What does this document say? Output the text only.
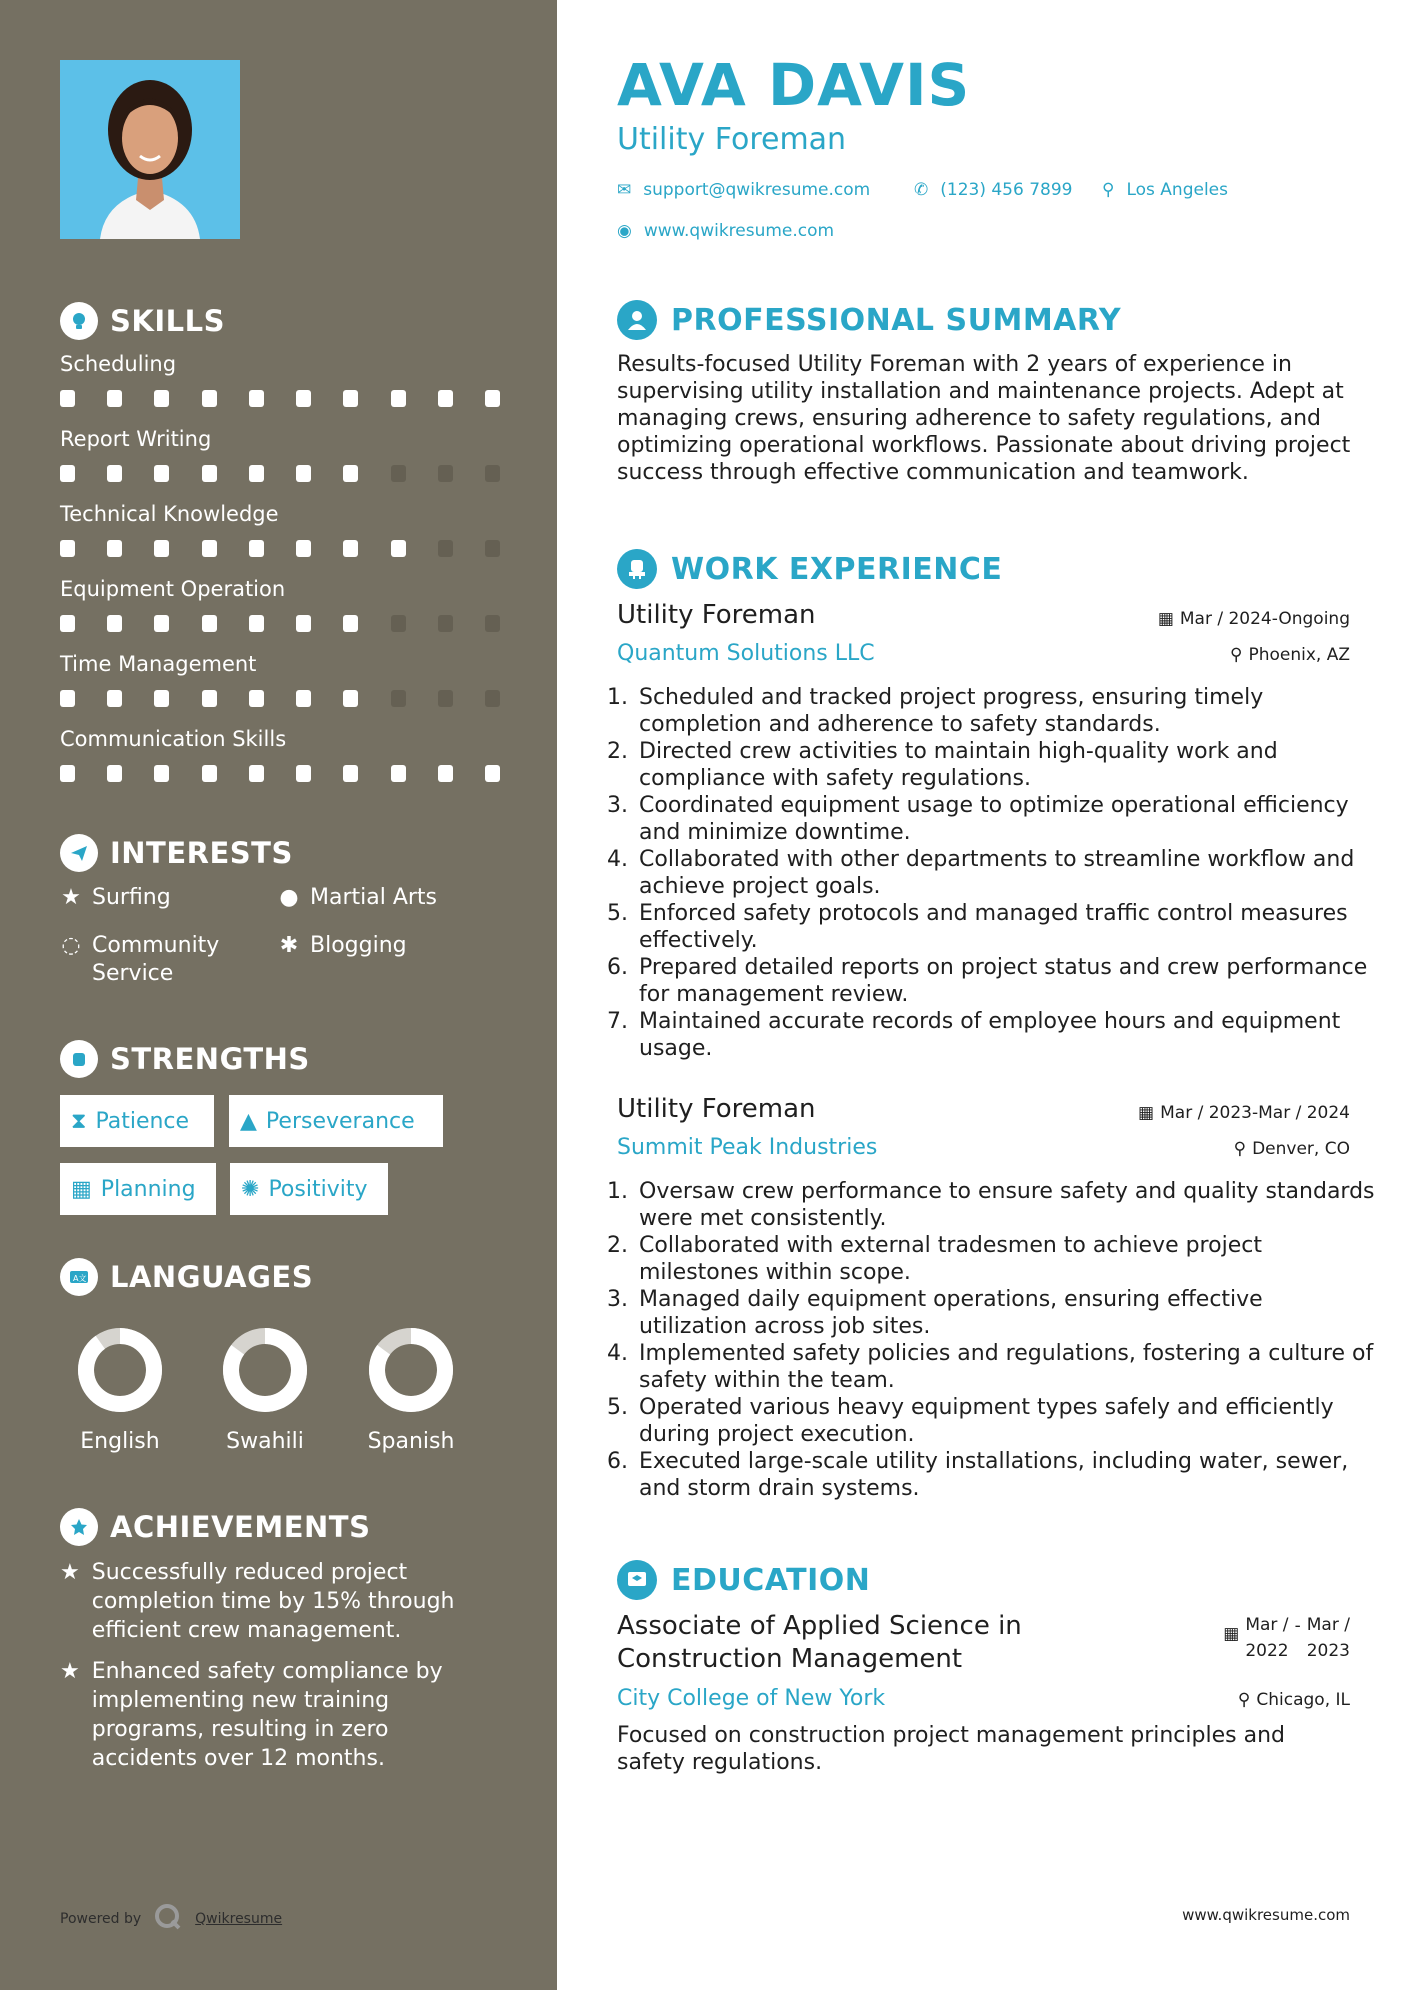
SKILLS
Scheduling
Report Writing
Technical Knowledge
Equipment Operation
Time Management
Communication Skills
INTERESTS
★ Surfing	● Martial Arts
◌ Community
Service
✱ Blogging
STRENGTHS
⧗ Patience ▲ Perseverance
▦ Planning ✺ Positivity
A文 LANGUAGES
English	Swahili	Spanish
ACHIEVEMENTS
★ Successfully reduced project completion time by 15% through efficient crew management.
★ Enhanced safety compliance by implementing new training programs, resulting in zero accidents over 12 months.
Powered by	Qwikresume
AVA DAVIS
Utility Foreman
✉ support@qwikresume.com	✆ (123) 456 7899 ⚲ Los Angeles
◉ www.qwikresume.com
PROFESSIONAL SUMMARY
Results-focused Utility Foreman with 2 years of experience in supervising utility installation and maintenance projects. Adept at managing crews, ensuring adherence to safety regulations, and optimizing operational workflows. Passionate about driving project success through effective communication and teamwork.
WORK EXPERIENCE
Utility Foreman	▦ Mar / 2024-Ongoing
Quantum Solutions LLC	⚲ Phoenix, AZ
1. Scheduled and tracked project progress, ensuring timely completion and adherence to safety standards.
2. Directed crew activities to maintain high-quality work and compliance with safety regulations.
3. Coordinated equipment usage to optimize operational efficiency and minimize downtime.
4. Collaborated with other departments to streamline workflow and achieve project goals.
5. Enforced safety protocols and managed traffic control measures effectively.
6. Prepared detailed reports on project status and crew performance for management review.
7. Maintained accurate records of employee hours and equipment usage.
Utility Foreman	▦ Mar / 2023-Mar / 2024
Summit Peak Industries	⚲ Denver, CO
1. Oversaw crew performance to ensure safety and quality standards were met consistently.
2. Collaborated with external tradesmen to achieve project milestones within scope.
3. Managed daily equipment operations, ensuring effective utilization across job sites.
4. Implemented safety policies and regulations, fostering a culture of safety within the team.
5. Operated various heavy equipment types safely and efficiently during project execution.
6. Executed large-scale utility installations, including water, sewer, and storm drain systems.
EDUCATION
Associate of Applied Science in
Construction Management
▦ Mar /
2022
- Mar /
2023
City College of New York	⚲ Chicago, IL
Focused on construction project management principles and safety regulations.
www.qwikresume.com
